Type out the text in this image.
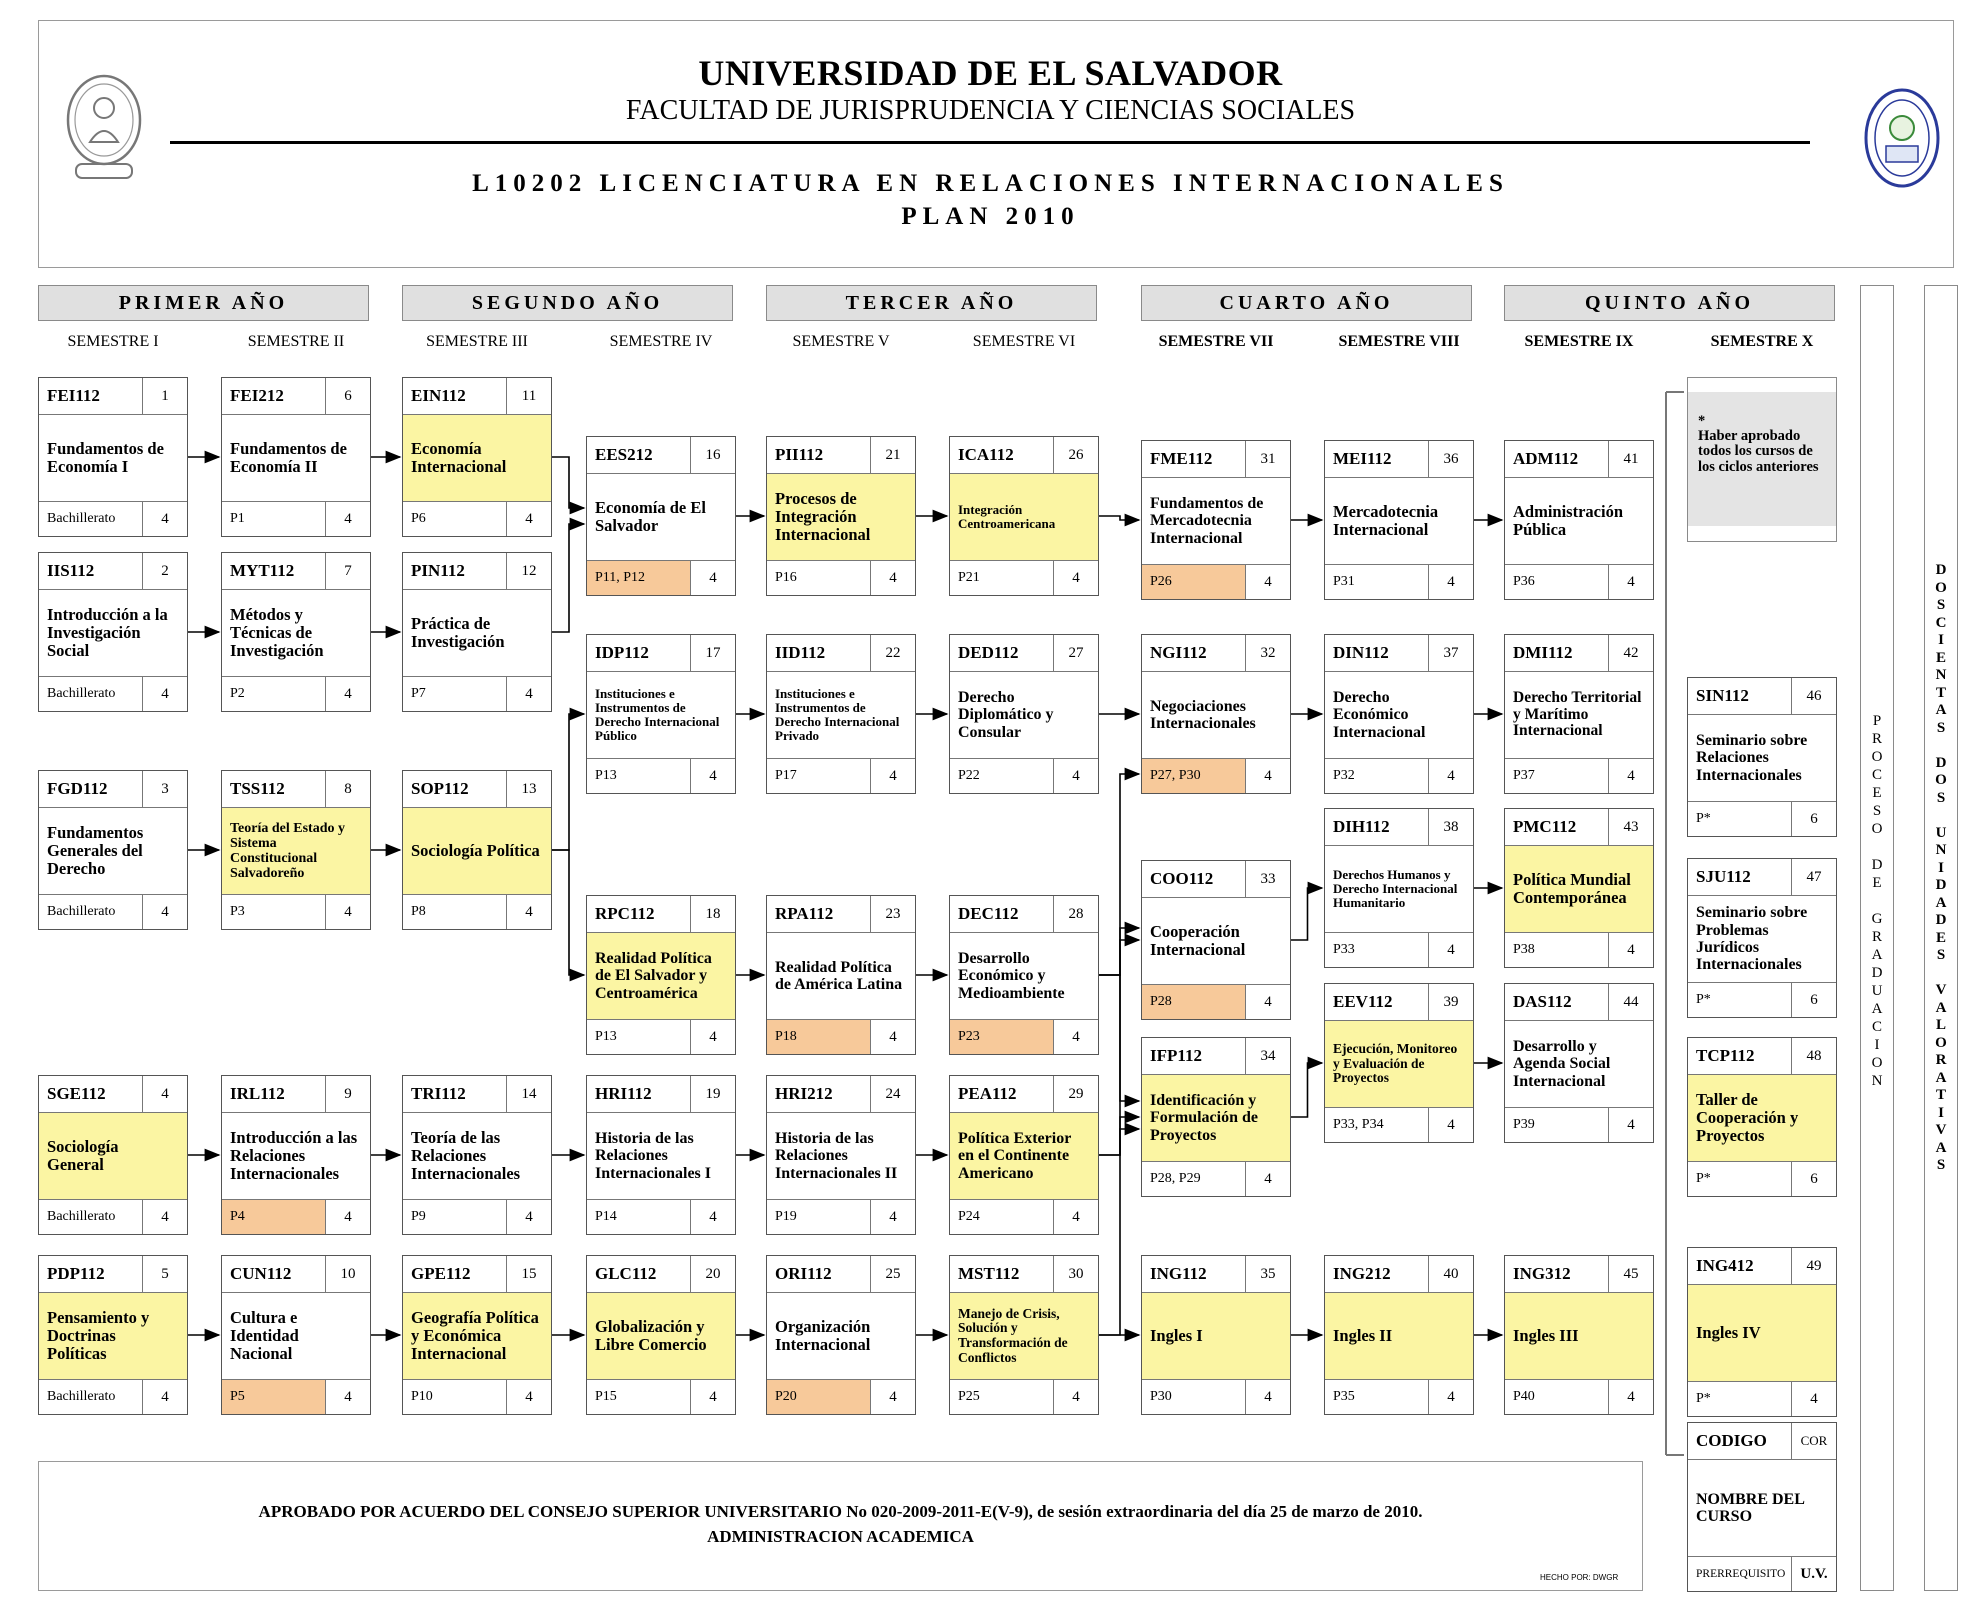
UNIVERSIDAD DE EL SALVADOR
FACULTAD DE JURISPRUDENCIA Y CIENCIAS SOCIALES
L10202 LICENCIATURA EN RELACIONES INTERNACIONALES
PLAN 2010
PRIMER AÑO	SEGUNDO AÑO	TERCER AÑO	CUARTO AÑO	QUINTO AÑO
SEMESTRE I	SEMESTRE II	SEMESTRE III	SEMESTRE IV	SEMESTRE V	SEMESTRE VI	SEMESTRE VII	SEMESTRE VIII	SEMESTRE IX	SEMESTRE X
FEI112	1
Fundamentos de Economía I
Bachillerato	4
IIS112	2
Introducción a la Investigación Social
Bachillerato	4
FGD112	3
Fundamentos Generales del Derecho
Bachillerato	4
SGE112	4
Sociología General
Bachillerato	4
PDP112	5
Pensamiento y Doctrinas Políticas
Bachillerato	4
FEI212	6
Fundamentos de Economía II
P1	4
MYT112	7
Métodos y Técnicas de Investigación
P2	4
TSS112	8
Teoría del Estado y Sistema Constitucional Salvadoreño
P3	4
IRL112	9
Introducción a las Relaciones Internacionales
P4	4
CUN112	10
Cultura e Identidad Nacional
P5	4
EIN112	11
Economía Internacional
P6	4
PIN112	12
Práctica de Investigación
P7	4
SOP112	13
Sociología Política
P8	4
TRI112	14
Teoría de las Relaciones Internacionales
P9	4
GPE112	15
Geografía Política y Económica Internacional
P10	4
EES212	16
Economía de El Salvador
P11, P12	4
IDP112	17
Instituciones e Instrumentos de Derecho Internacional Público
P13	4
RPC112	18
Realidad Política de El Salvador y Centroamérica
P13	4
HRI112	19
Historia de las Relaciones Internacionales I
P14	4
GLC112	20
Globalización y Libre Comercio
P15	4
PII112	21
Procesos de Integración Internacional
P16	4
IID112	22
Instituciones e Instrumentos de Derecho Internacional Privado
P17	4
RPA112	23
Realidad Política de América Latina
P18	4
HRI212	24
Historia de las Relaciones Internacionales II
P19	4
ORI112	25
Organización Internacional
P20	4
ICA112	26
Integración Centroamericana
P21	4
DED112	27
Derecho Diplomático y Consular
P22	4
DEC112	28
Desarrollo Económico y Medioambiente
P23	4
PEA112	29
Política Exterior en el Continente Americano
P24	4
MST112	30
Manejo de Crisis, Solución y Transformación de Conflictos
P25	4
FME112	31
Fundamentos de Mercadotecnia Internacional
P26	4
NGI112	32
Negociaciones Internacionales
P27, P30	4
COO112	33
Cooperación Internacional
P28	4
IFP112	34
Identificación y Formulación de Proyectos
P28, P29	4
ING112	35
Ingles I
P30	4
MEI112	36
Mercadotecnia Internacional
P31	4
DIN112	37
Derecho Económico Internacional
P32	4
DIH112	38
Derechos Humanos y Derecho Internacional Humanitario
P33	4
EEV112	39
Ejecución, Monitoreo y Evaluación de Proyectos
P33, P34	4
ING212	40
Ingles II
P35	4
ADM112	41
Administración Pública
P36	4
DMI112	42
Derecho Territorial y Marítimo Internacional
P37	4
PMC112	43
Política Mundial Contemporánea
P38	4
DAS112	44
Desarrollo y Agenda Social Internacional
P39	4
ING312	45
Ingles III
P40	4
SIN112	46
Seminario sobre Relaciones Internacionales
P*	6
SJU112	47
Seminario sobre Problemas Jurídicos Internacionales
P*	6
TCP112	48
Taller de Cooperación y Proyectos
P*	6
ING412	49
Ingles IV
P*	4
*
Haber aprobado todos los cursos de los ciclos anteriores
P
R
O
C
E
S
O

D
E

G
R
A
D
U
A
C
I
O
N
D
O
S
C
I
E
N
T
A
S

D
O
S

U
N
I
D
A
D
E
S

V
A
L
O
R
A
T
I
V
A
S
CODIGO	COR
NOMBRE DEL CURSO
PRERREQUISITO	U.V.
APROBADO POR ACUERDO DEL CONSEJO SUPERIOR UNIVERSITARIO No 020-2009-2011-E(V-9), de sesión extraordinaria del día 25 de marzo de 2010.
ADMINISTRACION ACADEMICA
HECHO POR: DWGR
